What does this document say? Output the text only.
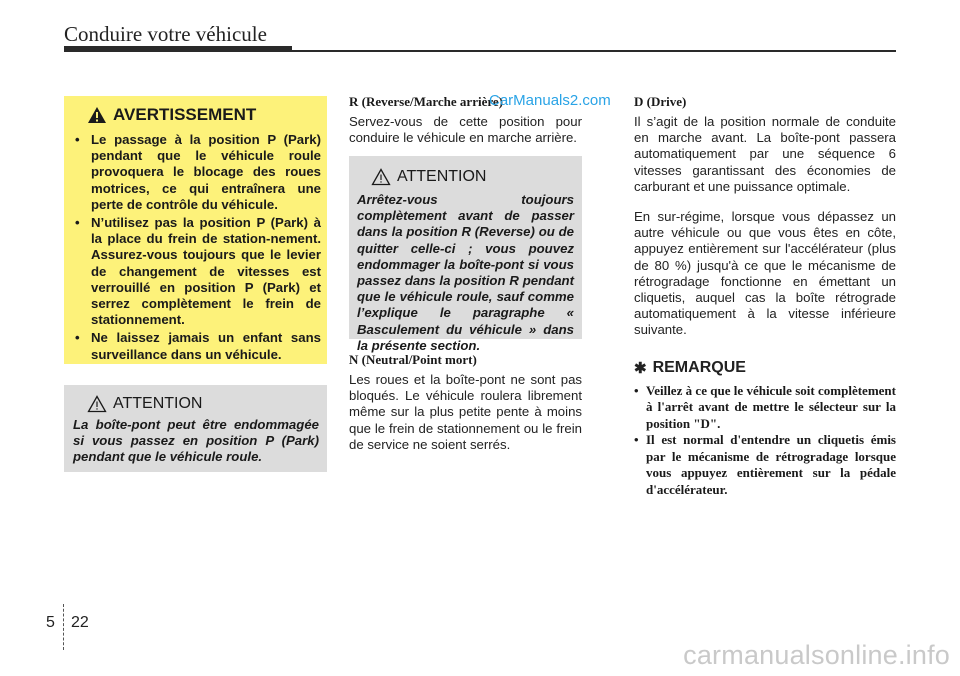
Conduire votre véhicule
AVERTISSEMENT
• Le passage à la position P (Park) pendant que le véhicule roule provoquera le blocage des roues motrices, ce qui entraînera une perte de contrôle du véhicule.
• N’utilisez pas la position P (Park) à la place du frein de station-nement. Assurez-vous toujours que le levier de changement de vitesses est verrouillé en position P (Park) et serrez complètement le frein de stationnement.
• Ne laissez jamais un enfant sans surveillance dans un véhicule.
ATTENTION
La boîte-pont peut être endommagée si vous passez en position P (Park) pendant que le véhicule roule.
R (Reverse/Marche arrière)

Servez-vous de cette position pour conduire le véhicule en marche arrière.

CarManuals2.com
ATTENTION
Arrêtez-vous toujours complètement avant de passer dans la position R (Reverse) ou de quitter celle-ci ; vous pouvez endommager la boîte-pont si vous passez dans la position R pendant que le véhicule roule, sauf comme l’explique le paragraphe « Basculement du véhicule » dans la présente section.
N (Neutral/Point mort)

Les roues et la boîte-pont ne sont pas bloqués. Le véhicule roulera librement même sur la plus petite pente à moins que le frein de stationnement ou le frein de service ne soient serrés.

D (Drive)

Il s’agit de la position normale de conduite en marche avant. La boîte-pont passera automatiquement par une séquence 6 vitesses garantissant des économies de carburant et une puissance optimale.

En sur-régime, lorsque vous dépassez un autre véhicule ou que vous êtes en côte, appuyez entièrement sur l'accélérateur (plus de 80 %) jusqu'à ce que le mécanisme de rétrogradage fonctionne en émettant un cliquetis, auquel cas la boîte rétrograde automatiquement à la vitesse inférieure suivante.

✱ REMARQUE
• Veillez à ce que le véhicule soit complètement à l'arrêt avant de mettre le sélecteur sur la position "D".
• Il est normal d'entendre un cliquetis émis par le mécanisme de rétrogradage lorsque vous appuyez entièrement sur la pédale d'accélérateur.
5 22
carmanualsonline.info
